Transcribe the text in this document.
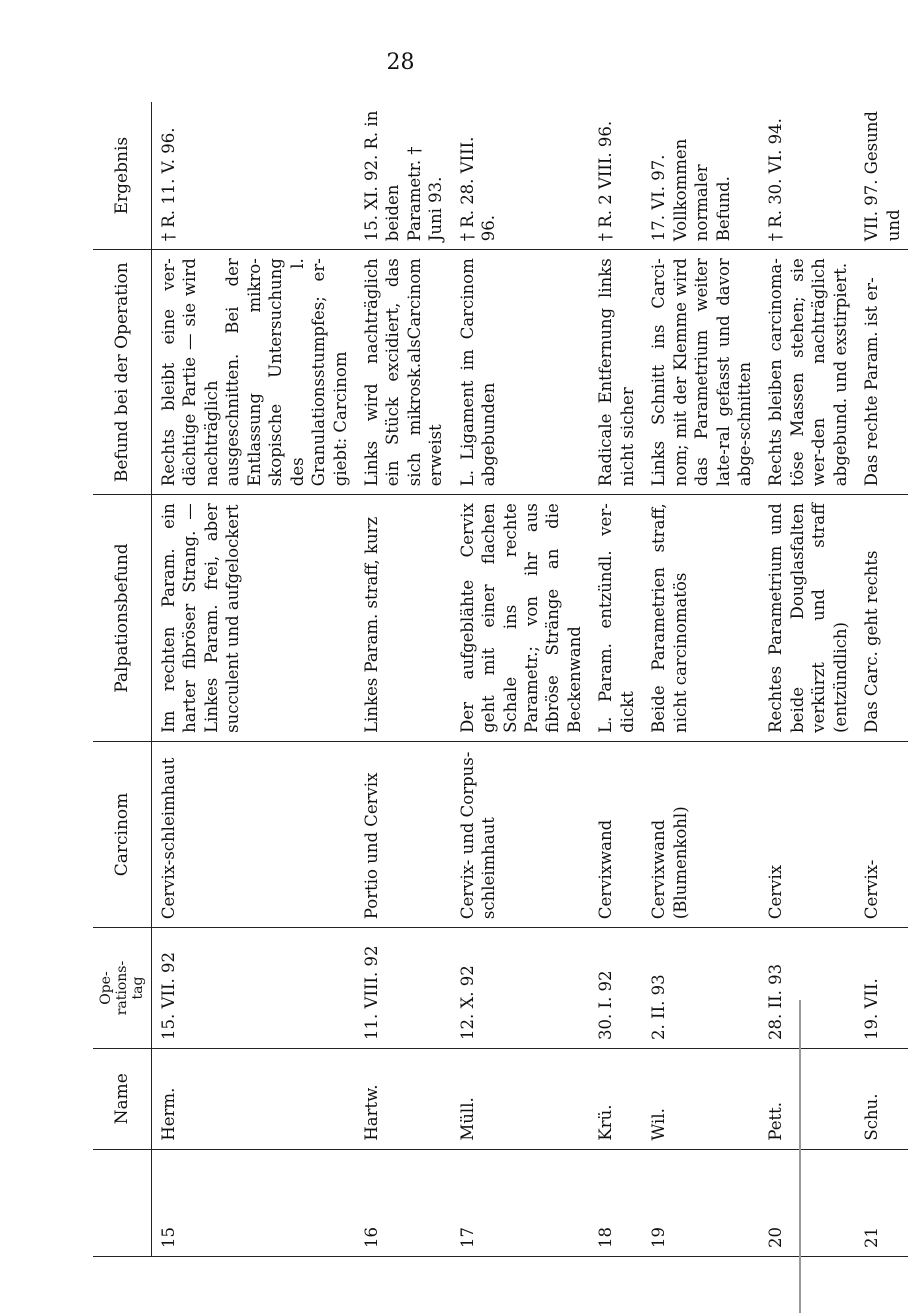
28
	Name	Ope-
rations-
tag	Carcinom	Palpationsbefund	Befund bei der Operation	Ergebnis
15	Herm.	15. VII. 92	Cervix-schleimhaut	Im rechten Param. ein harter fibröser Strang. — Linkes Param. frei, aber succulent und aufgelockert	Rechts bleibt eine ver-dächtige Partie — sie wird nachträglich ausgeschnitten. Bei der Entlassung mikro-skopische Untersuchung des l. Granulationsstumpfes; er-giebt: Carcinom	† R. 11. V. 96.
16	Hartw.	11. VIII. 92	Portio und Cervix	Linkes Param. straff, kurz	Links wird nachträglich ein Stück excidiert, das sich mikrosk.alsCarcinom erweist	15. XI. 92. R. in beiden Parametr. † Juni 93.
17	Müll.	12. X. 92	Cervix- und Corpus-schleimhaut	Der aufgeblähte Cervix geht mit einer flachen Schale ins rechte Parametr.; von ihr aus fibröse Stränge an die Beckenwand	L. Ligament im Carcinom abgebunden	† R. 28. VIII. 96.
18	Krü.	30. I. 92	Cervixwand	L. Param. entzündl. ver-dickt	Radicale Entfernung links nicht sicher	† R. 2 VIII. 96.
19	Wil.	2. II. 93	Cervixwand (Blumenkohl)	Beide Parametrien straff, nicht carcinomatös	Links Schnitt ins Carci-nom; mit der Klemme wird das Parametrium weiter late-ral gefasst und davor abge-schnitten	17. VI. 97. Vollkommen normaler Befund.
20	Pett.	28. II. 93	Cervix	Rechtes Parametrium und beide Douglasfalten verkürzt und straff (entzündlich)	Rechts bleiben carcinoma-töse Massen stehen; sie wer-den nachträglich abgebund. und exstirpiert.	† R. 30. VI. 94.
21	Schu.	19. VII.	Cervix-	Das Carc. geht rechts	Das rechte Param. ist er-	VII. 97. Gesund und
